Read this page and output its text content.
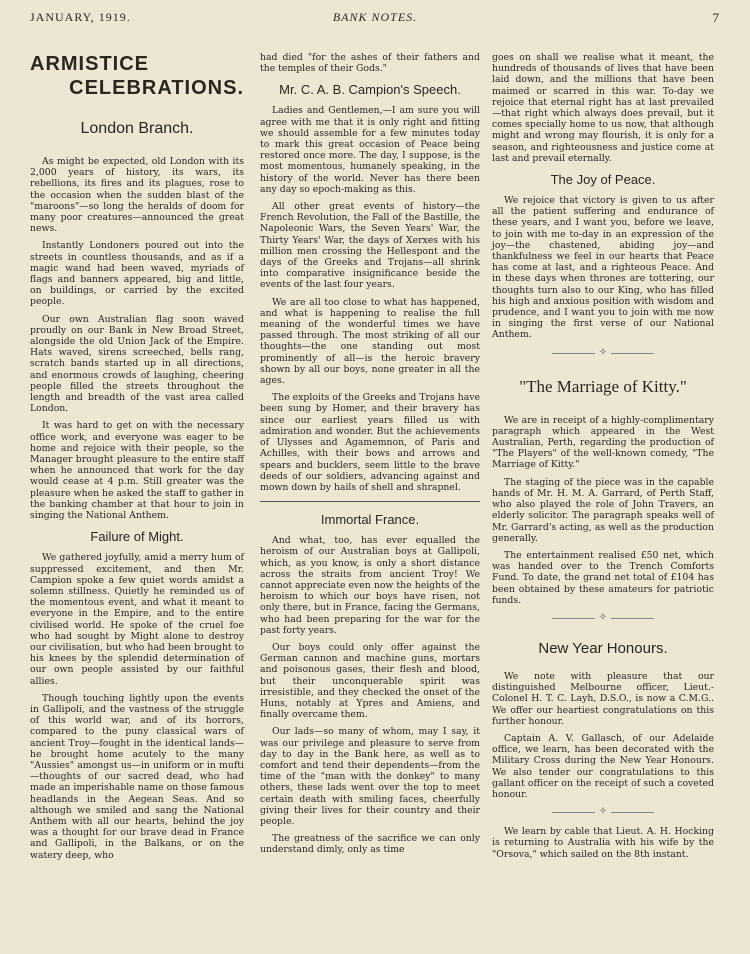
JANUARY, 1919.	BANK NOTES.	7
ARMISTICE
CELEBRATIONS.
London Branch.

As might be expected, old London with its 2,000 years of history, its wars, its rebellions, its fires and its plagues, rose to the occasion when the sudden blast of the "maroons"—so long the heralds of doom for many poor creatures—announced the great news.

Instantly Londoners poured out into the streets in countless thousands, and as if a magic wand had been waved, myriads of flags and banners appeared, big and little, on buildings, or carried by the excited people.

Our own Australian flag soon waved proudly on our Bank in New Broad Street, alongside the old Union Jack of the Empire. Hats waved, sirens screeched, bells rang, scratch bands started up in all directions, and enormous crowds of laughing, cheering people filled the streets throughout the length and breadth of the vast area called London.

It was hard to get on with the necessary office work, and everyone was eager to be home and rejoice with their people, so the Manager brought pleasure to the entire staff when he announced that work for the day would cease at 4 p.m. Still greater was the pleasure when he asked the staff to gather in the banking chamber at that hour to join in singing the National Anthem.

Failure of Might.

We gathered joyfully, amid a merry hum of suppressed excitement, and then Mr. Campion spoke a few quiet words amidst a solemn stillness. Quietly he reminded us of the momentous event, and what it meant to everyone in the Empire, and to the entire civilised world. He spoke of the cruel foe who had sought by Might alone to destroy our civilisation, but who had been brought to his knees by the splendid determination of our own people assisted by our faithful allies.

Though touching lightly upon the events in Gallipoli, and the vastness of the struggle of this world war, and of its horrors, compared to the puny classical wars of ancient Troy—fought in the identical lands—he brought home acutely to the many "Aussies" amongst us—in uniform or in mufti—thoughts of our sacred dead, who had made an imperishable name on those famous headlands in the Aegean Seas. And so although we smiled and sang the National Anthem with all our hearts, behind the joy was a thought for our brave dead in France and Gallipoli, in the Balkans, or on the watery deep, who

had died "for the ashes of their fathers and the temples of their Gods."

Mr. C. A. B. Campion's Speech.

Ladies and Gentlemen,—I am sure you will agree with me that it is only right and fitting we should assemble for a few minutes today to mark this great occasion of Peace being restored once more. The day, I suppose, is the most momentous, humanely speaking, in the history of the world. Never has there been any day so epoch-making as this.

All other great events of history—the French Revolution, the Fall of the Bastille, the Napoleonic Wars, the Seven Years' War, the Thirty Years' War, the days of Xerxes with his million men crossing the Hellespont and the days of the Greeks and Trojans—all shrink into comparative insignificance beside the events of the last four years.

We are all too close to what has happened, and what is happening to realise the full meaning of the wonderful times we have passed through. The most striking of all our thoughts—the one standing out most prominently of all—is the heroic bravery shown by all our boys, none greater in all the ages.

The exploits of the Greeks and Trojans have been sung by Homer, and their bravery has since our earliest years filled us with admiration and wonder. But the achievements of Ulysses and Agamemnon, of Paris and Achilles, with their bows and arrows and spears and bucklers, seem little to the brave deeds of our soldiers, advancing against and mown down by hails of shell and shrapnel.

Immortal France.

And what, too, has ever equalled the heroism of our Australian boys at Gallipoli, which, as you know, is only a short distance across the straits from ancient Troy! We cannot appreciate even now the heights of the heroism to which our boys have risen, not only there, but in France, facing the Germans, who had been preparing for the war for the past forty years.

Our boys could only offer against the German cannon and machine guns, mortars and poisonous gases, their flesh and blood, but their unconquerable spirit was irresistible, and they checked the onset of the Huns, notably at Ypres and Amiens, and finally overcame them.

Our lads—so many of whom, may I say, it was our privilege and pleasure to serve from day to day in the Bank here, as well as to comfort and tend their dependents—from the time of the "man with the donkey" to many others, these lads went over the top to meet certain death with smiling faces, cheerfully giving their lives for their country and their people.

The greatness of the sacrifice we can only understand dimly, only as time

goes on shall we realise what it meant, the hundreds of thousands of lives that have been laid down, and the millions that have been maimed or scarred in this war. To-day we rejoice that eternal right has at last prevailed—that right which always does prevail, but it comes specially home to us now, that although might and wrong may flourish, it is only for a season, and righteousness and justice come at last and prevail eternally.

The Joy of Peace.

We rejoice that victory is given to us after all the patient suffering and endurance of these years, and I want you, before we leave, to join with me to-day in an expression of the joy—the chastened, abiding joy—and thankfulness we feel in our hearts that Peace has come at last, and a righteous Peace. And in these days when thrones are tottering, our thoughts turn also to our King, who has filled his high and anxious position with wisdom and prudence, and I want you to join with me now in singing the first verse of our National Anthem.

✧
"The Marriage of Kitty."

We are in receipt of a highly-complimentary paragraph which appeared in the West Australian, Perth, regarding the production of "The Players" of the well-known comedy, "The Marriage of Kitty."

The staging of the piece was in the capable hands of Mr. H. M. A. Garrard, of Perth Staff, who also played the role of John Travers, an elderly solicitor. The paragraph speaks well of Mr. Garrard's acting, as well as the production generally.

The entertainment realised £50 net, which was handed over to the Trench Comforts Fund. To date, the grand net total of £104 has been obtained by these amateurs for patriotic funds.

✧
New Year Honours.

We note with pleasure that our distinguished Melbourne officer, Lieut.-Colonel H. T. C. Layh, D.S.O., is now a C.M.G.. We offer our heartiest congratulations on this further honour.

Captain A. V. Gallasch, of our Adelaide office, we learn, has been decorated with the Military Cross during the New Year Honours. We also tender our congratulations to this gallant officer on the receipt of such a coveted honour.

✧

We learn by cable that Lieut. A. H. Hocking is returning to Australia with his wife by the "Orsova," which sailed on the 8th instant.
